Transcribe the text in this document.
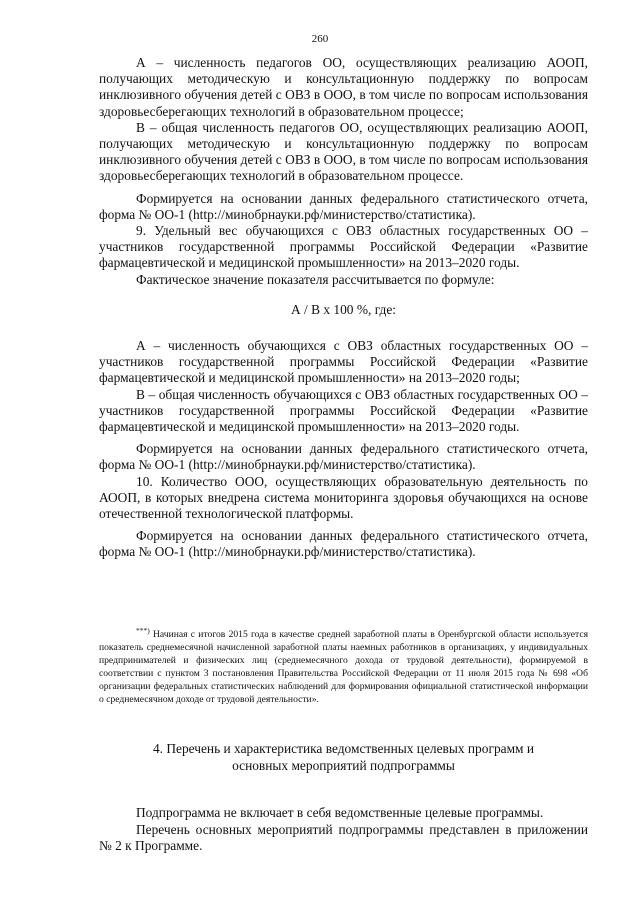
260

А – численность педагогов ОО, осуществляющих реализацию АООП, получающих методическую и консультационную поддержку по вопросам инклюзивного обучения детей с ОВЗ в ООО, в том числе по вопросам использования здоровьесберегающих технологий в образовательном процессе;

В – общая численность педагогов ОО, осуществляющих реализацию АООП, получающих методическую и консультационную поддержку по вопросам инклюзивного обучения детей с ОВЗ в ООО, в том числе по вопросам использования здоровьесберегающих технологий в образовательном процессе.

Формируется на основании данных федерального статистического отчета, форма № ОО-1 (http://минобрнауки.рф/министерство/статистика).

9. Удельный вес обучающихся с ОВЗ областных государственных ОО – участников государственной программы Российской Федерации «Развитие фармацевтической и медицинской промышленности» на 2013–2020 годы.

Фактическое значение показателя рассчитывается по формуле:

А / В х 100 %, где:

А – численность обучающихся с ОВЗ областных государственных ОО – участников государственной программы Российской Федерации «Развитие фармацевтической и медицинской промышленности» на 2013–2020 годы;

В – общая численность обучающихся с ОВЗ областных государственных ОО – участников государственной программы Российской Федерации «Развитие фармацевтической и медицинской промышленности» на 2013–2020 годы.

Формируется на основании данных федерального статистического отчета, форма № ОО-1 (http://минобрнауки.рф/министерство/статистика).

10. Количество ООО, осуществляющих образовательную деятельность по АООП, в которых внедрена система мониторинга здоровья обучающихся на основе отечественной технологической платформы.

Формируется на основании данных федерального статистического отчета, форма № ОО-1 (http://минобрнауки.рф/министерство/статистика).

***) Начиная с итогов 2015 года в качестве средней заработной платы в Оренбургской области используется показатель среднемесячной начисленной заработной платы наемных работников в организациях, у индивидуальных предпринимателей и физических лиц (среднемесячного дохода от трудовой деятельности), формируемой в соответствии с пунктом 3 постановления Правительства Российской Федерации от 11 июля 2015 года № 698 «Об организации федеральных статистических наблюдений для формирования официальной статистической информации о среднемесячном доходе от трудовой деятельности».

4. Перечень и характеристика ведомственных целевых программ и
основных мероприятий подпрограммы

Подпрограмма не включает в себя ведомственные целевые программы.

Перечень основных мероприятий подпрограммы представлен в приложении № 2 к Программе.
